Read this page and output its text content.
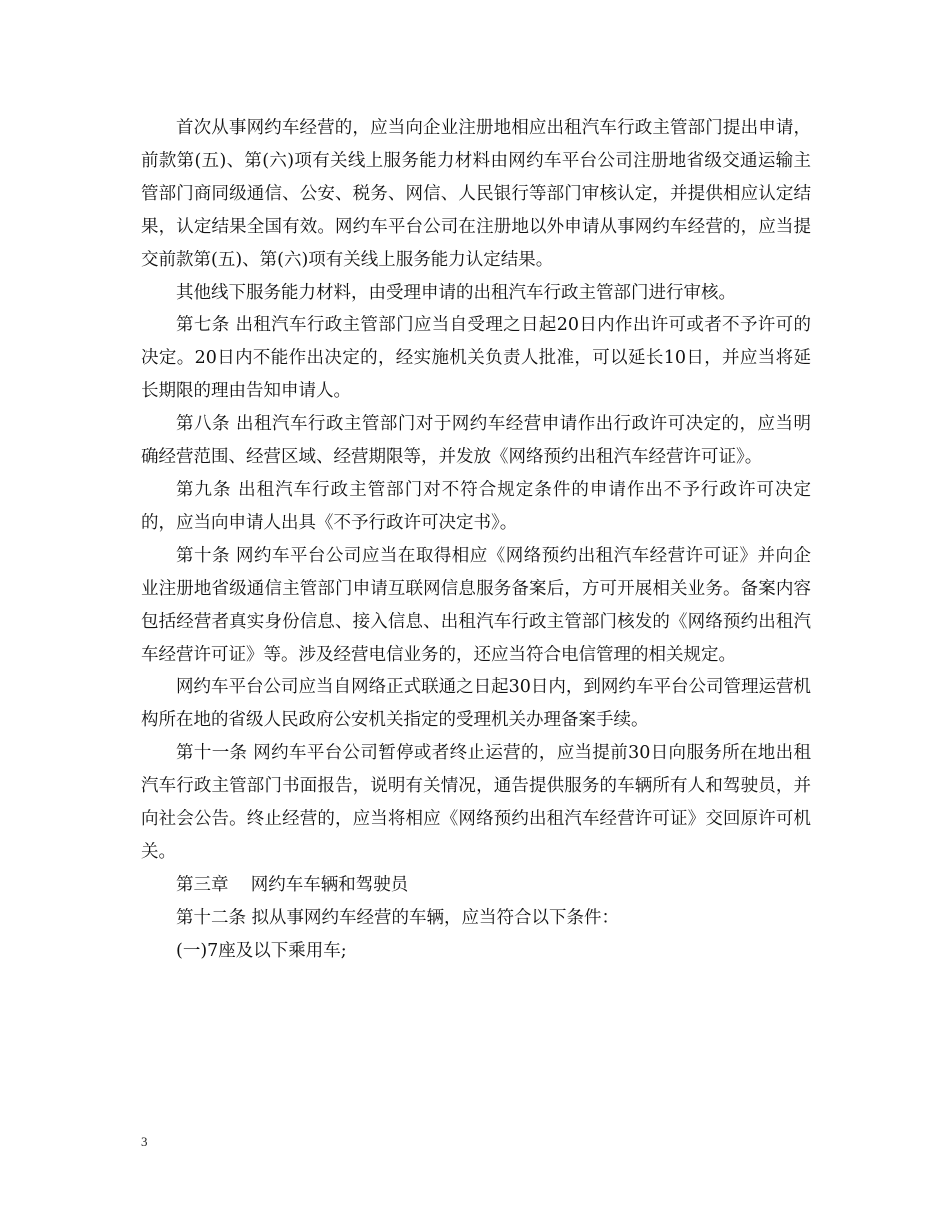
首次从事网约车经营的，应当向企业注册地相应出租汽车行政主管部门提出申请，前款第(五)、第(六)项有关线上服务能力材料由网约车平台公司注册地省级交通运输主管部门商同级通信、公安、税务、网信、人民银行等部门审核认定，并提供相应认定结果，认定结果全国有效。网约车平台公司在注册地以外申请从事网约车经营的，应当提交前款第(五)、第(六)项有关线上服务能力认定结果。

其他线下服务能力材料，由受理申请的出租汽车行政主管部门进行审核。

第七条 出租汽车行政主管部门应当自受理之日起20日内作出许可或者不予许可的决定。20日内不能作出决定的，经实施机关负责人批准，可以延长10日，并应当将延长期限的理由告知申请人。

第八条 出租汽车行政主管部门对于网约车经营申请作出行政许可决定的，应当明确经营范围、经营区域、经营期限等，并发放《网络预约出租汽车经营许可证》。

第九条 出租汽车行政主管部门对不符合规定条件的申请作出不予行政许可决定的，应当向申请人出具《不予行政许可决定书》。

第十条 网约车平台公司应当在取得相应《网络预约出租汽车经营许可证》并向企业注册地省级通信主管部门申请互联网信息服务备案后，方可开展相关业务。备案内容包括经营者真实身份信息、接入信息、出租汽车行政主管部门核发的《网络预约出租汽车经营许可证》等。涉及经营电信业务的，还应当符合电信管理的相关规定。

网约车平台公司应当自网络正式联通之日起30日内，到网约车平台公司管理运营机构所在地的省级人民政府公安机关指定的受理机关办理备案手续。

第十一条 网约车平台公司暂停或者终止运营的，应当提前30日向服务所在地出租汽车行政主管部门书面报告，说明有关情况，通告提供服务的车辆所有人和驾驶员，并向社会公告。终止经营的，应当将相应《网络预约出租汽车经营许可证》交回原许可机关。

第三章    网约车车辆和驾驶员

第十二条 拟从事网约车经营的车辆，应当符合以下条件：

(一)7座及以下乘用车;

3
